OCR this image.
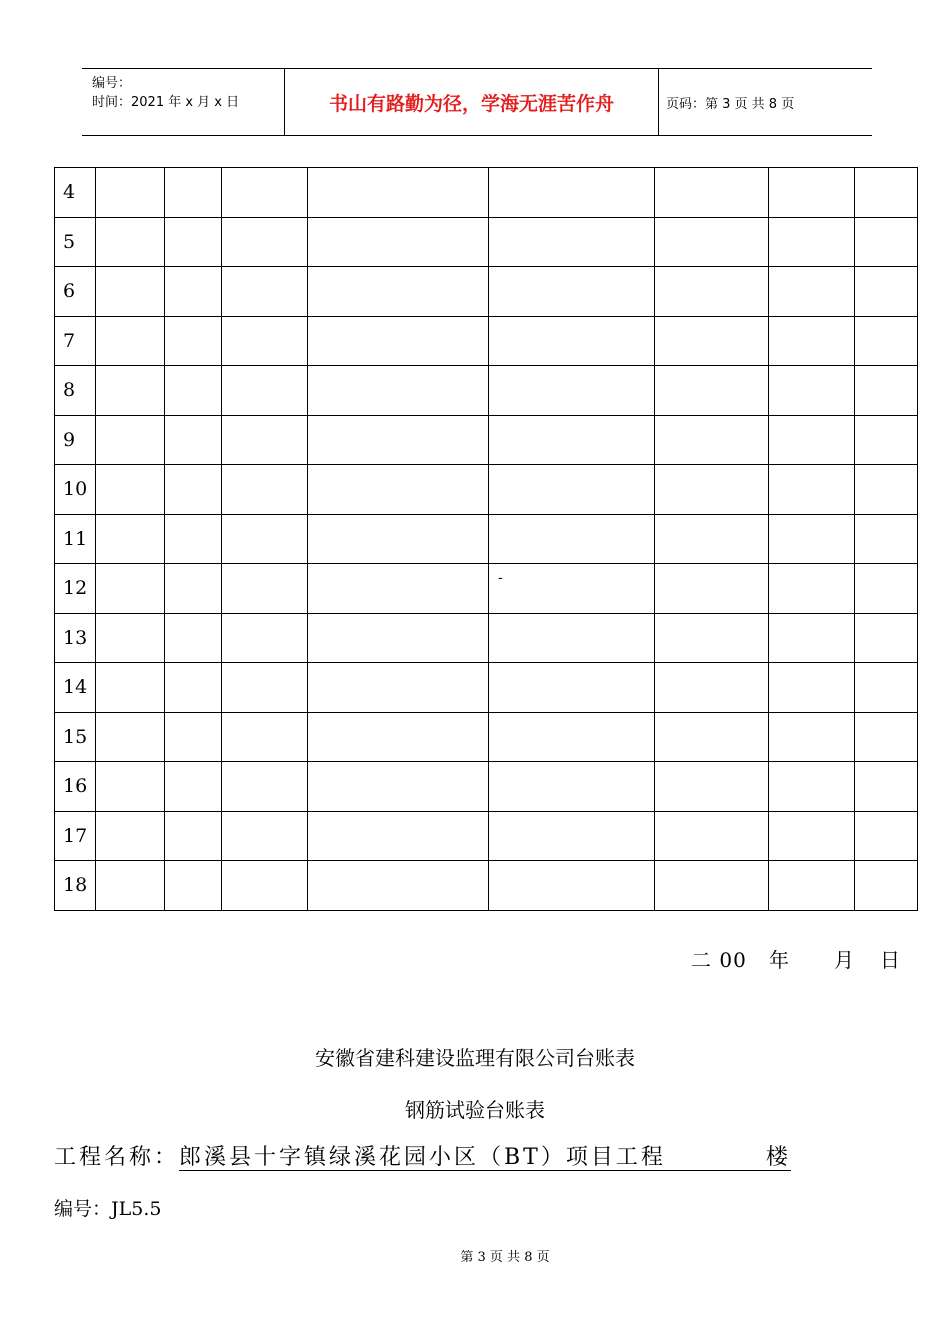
编号：
时间：2021 年 x 月 x 日	书山有路勤为径，学海无涯苦作舟	页码：第 3 页 共 8 页
4								
5								
6								
7								
8								
9								
10								
11								
12					-			

13								
14								
15								
16								
17								
18								
二 00 年 月 日
安徽省建科建设监理有限公司台账表
钢筋试验台账表
工程名称：郎溪县十字镇绿溪花园小区（BT）项目工程	楼
编号：JL5.5
第 3 页 共 8 页
